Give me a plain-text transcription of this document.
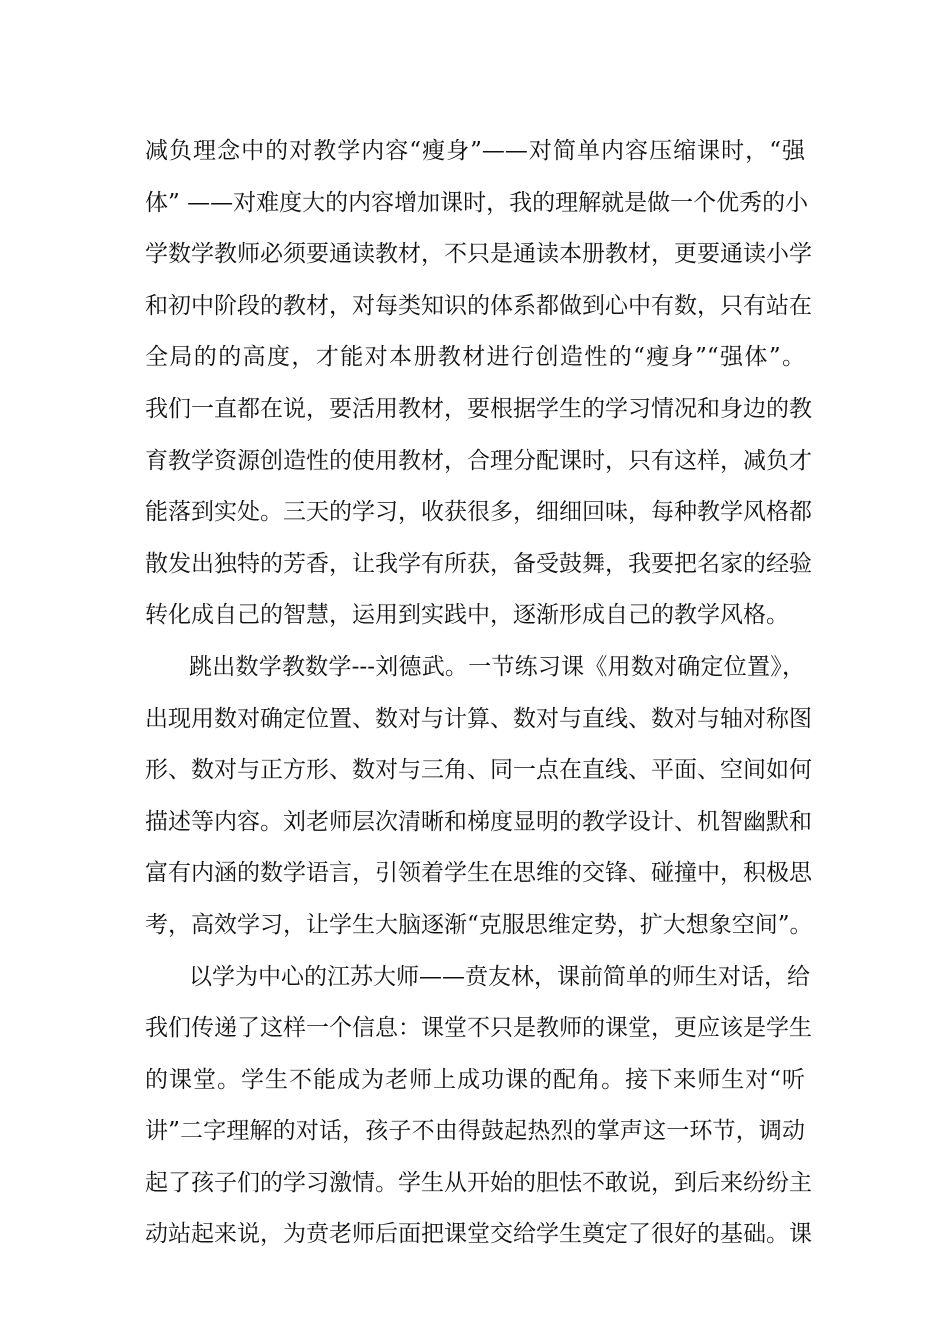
减负理念中的对教学内容“瘦身”——对简单内容压缩课时，“强
体” ——对难度大的内容增加课时，我的理解就是做一个优秀的小
学数学教师必须要通读教材，不只是通读本册教材，更要通读小学
和初中阶段的教材，对每类知识的体系都做到心中有数，只有站在
全局的的高度，才能对本册教材进行创造性的“瘦身”“强体”。
我们一直都在说，要活用教材，要根据学生的学习情况和身边的教
育教学资源创造性的使用教材，合理分配课时，只有这样，减负才
能落到实处。三天的学习，收获很多，细细回味，每种教学风格都
散发出独特的芳香，让我学有所获，备受鼓舞，我要把名家的经验
转化成自己的智慧，运用到实践中，逐渐形成自己的教学风格。
跳出数学教数学---刘德武。一节练习课《用数对确定位置》，
出现用数对确定位置、数对与计算、数对与直线、数对与轴对称图
形、数对与正方形、数对与三角、同一点在直线、平面、空间如何
描述等内容。刘老师层次清晰和梯度显明的教学设计、机智幽默和
富有内涵的数学语言，引领着学生在思维的交锋、碰撞中，积极思
考，高效学习，让学生大脑逐渐“克服思维定势，扩大想象空间”。
以学为中心的江苏大师——贲友林，课前简单的师生对话，给
我们传递了这样一个信息：课堂不只是教师的课堂，更应该是学生
的课堂。学生不能成为老师上成功课的配角。接下来师生对“听
讲”二字理解的对话，孩子不由得鼓起热烈的掌声这一环节，调动
起了孩子们的学习激情。学生从开始的胆怯不敢说，到后来纷纷主
动站起来说，为贲老师后面把课堂交给学生奠定了很好的基础。课
